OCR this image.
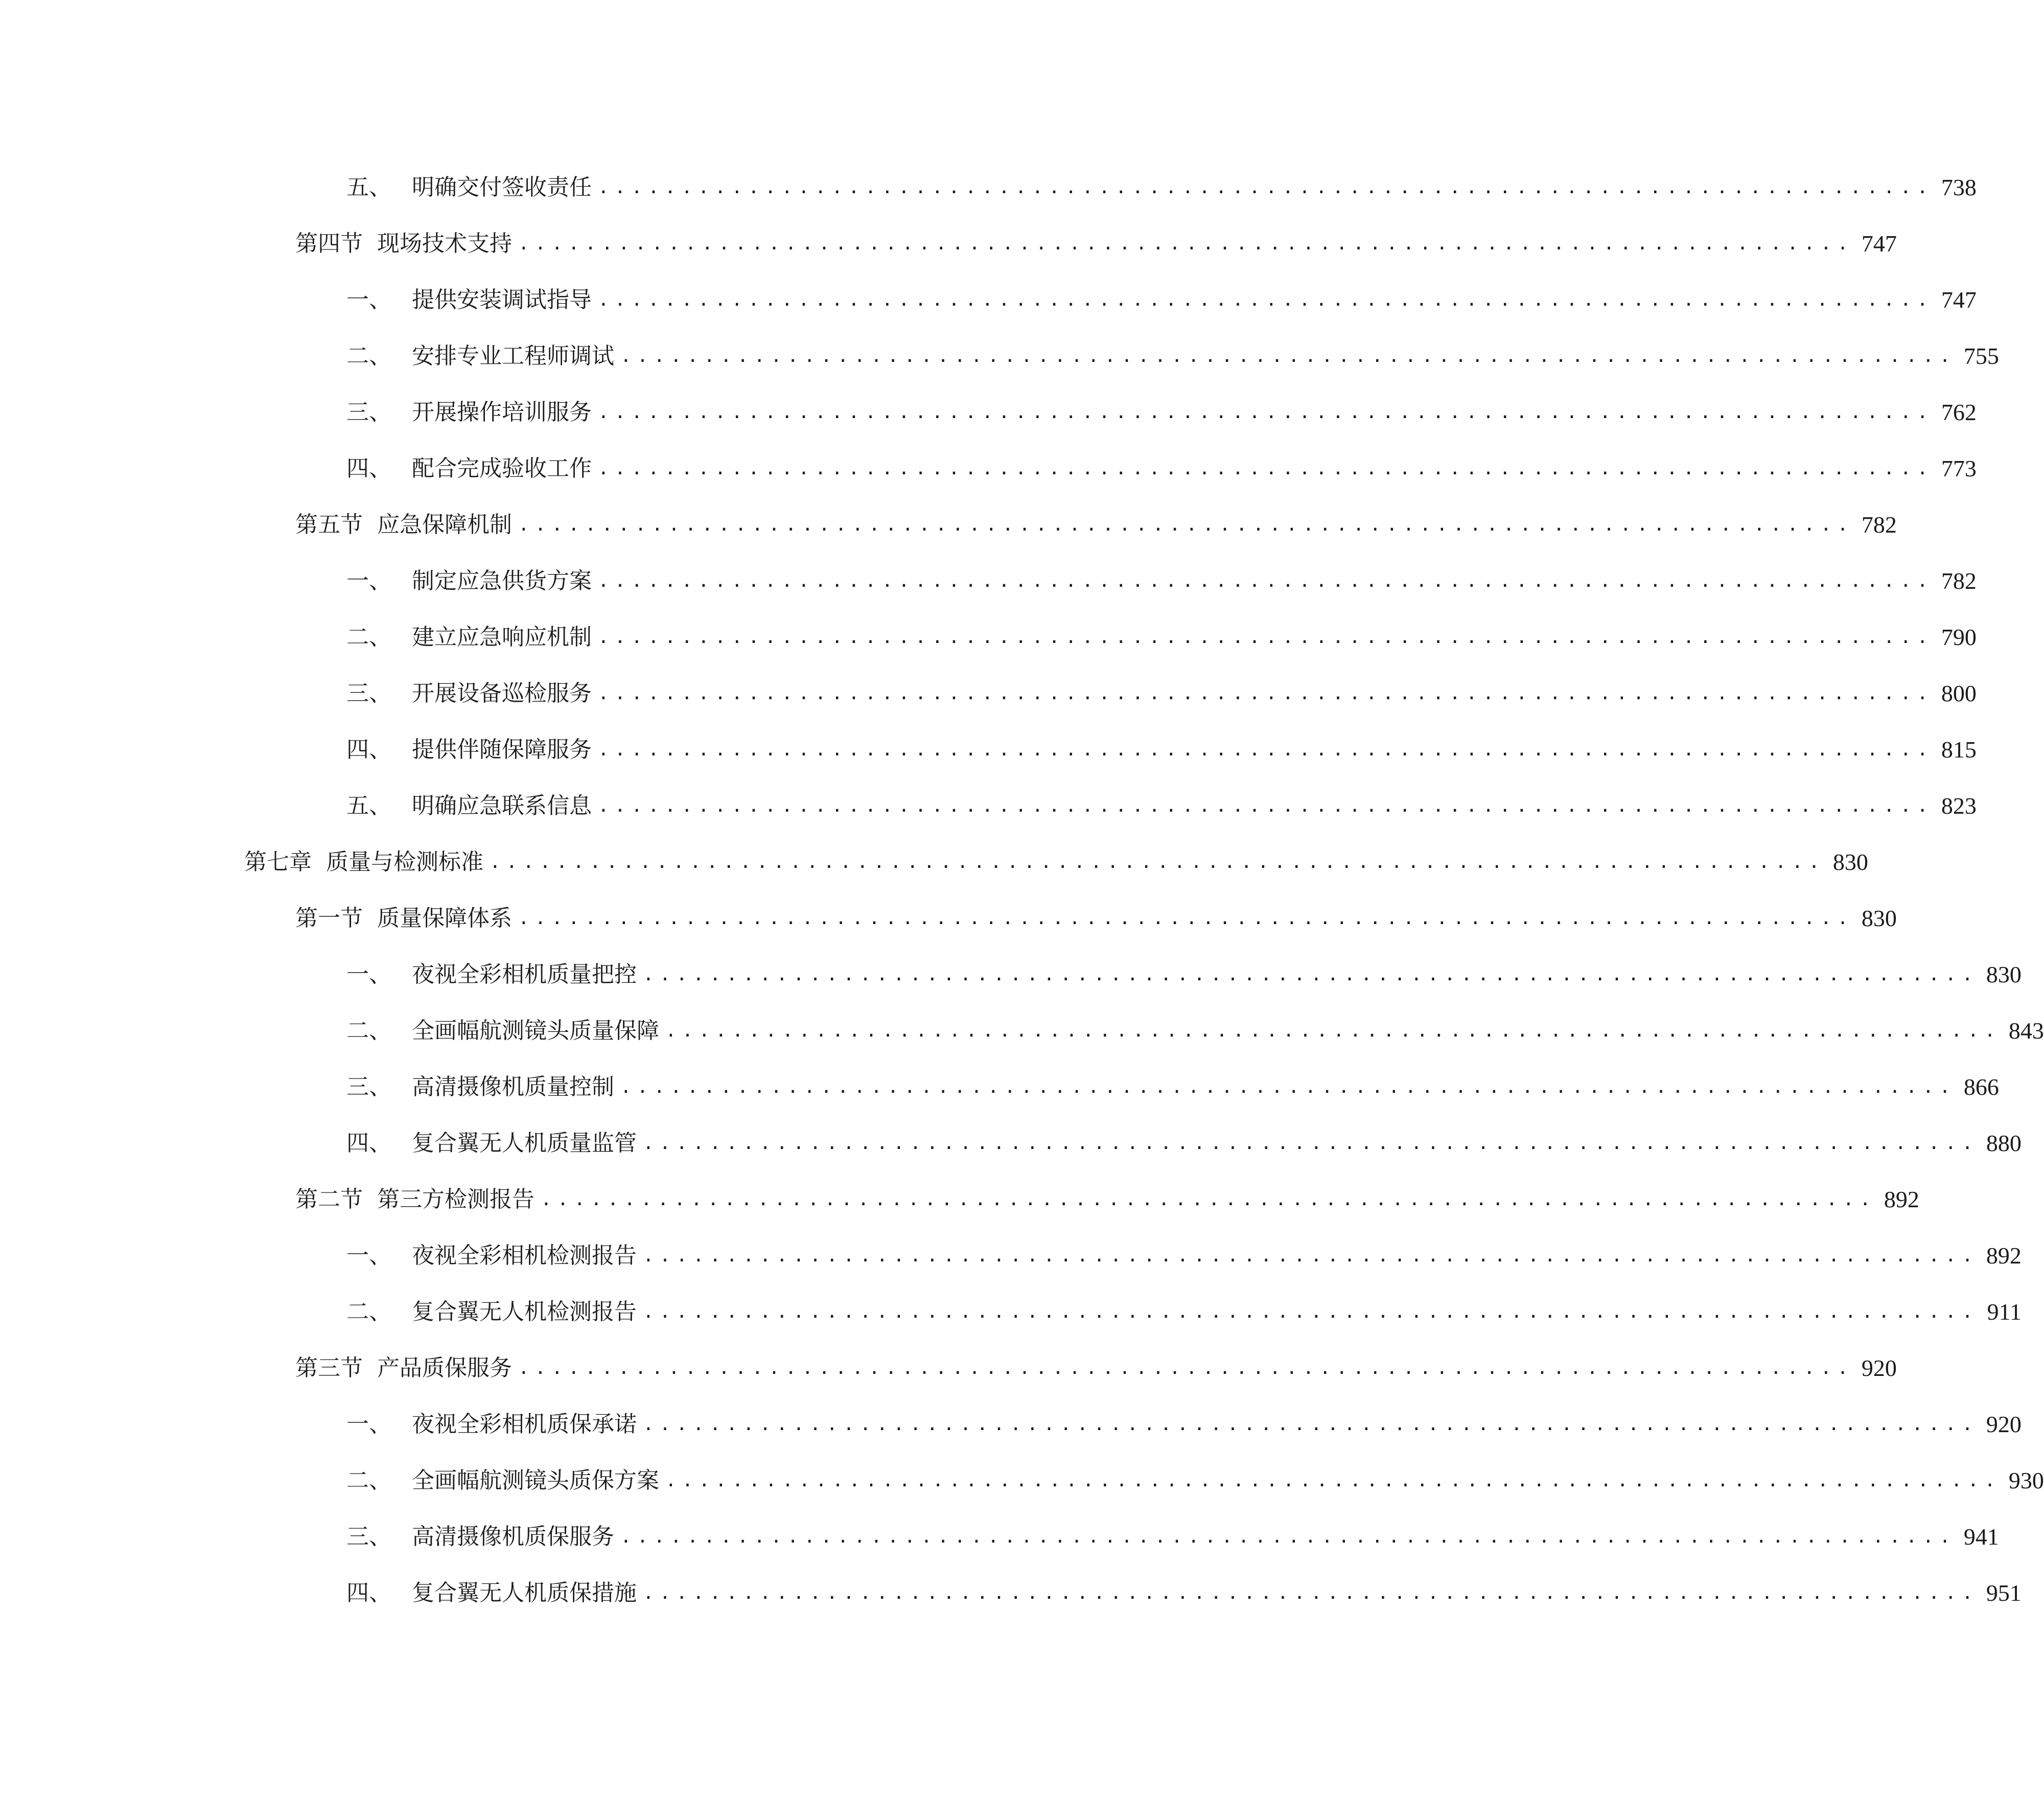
五、 明确交付签收责任 ................................................................................ 738
第四节 现场技术支持 ................................................................................ 747
一、 提供安装调试指导 ................................................................................ 747
二、 安排专业工程师调试 ................................................................................ 755
三、 开展操作培训服务 ................................................................................ 762
四、 配合完成验收工作 ................................................................................ 773
第五节 应急保障机制 ................................................................................ 782
一、 制定应急供货方案 ................................................................................ 782
二、 建立应急响应机制 ................................................................................ 790
三、 开展设备巡检服务 ................................................................................ 800
四、 提供伴随保障服务 ................................................................................ 815
五、 明确应急联系信息 ................................................................................ 823
第七章 质量与检测标准 ................................................................................ 830
第一节 质量保障体系 ................................................................................ 830
一、 夜视全彩相机质量把控 ................................................................................ 830
二、 全画幅航测镜头质量保障 ................................................................................ 843
三、 高清摄像机质量控制 ................................................................................ 866
四、 复合翼无人机质量监管 ................................................................................ 880
第二节 第三方检测报告 ................................................................................ 892
一、 夜视全彩相机检测报告 ................................................................................ 892
二、 复合翼无人机检测报告 ................................................................................ 911
第三节 产品质保服务 ................................................................................ 920
一、 夜视全彩相机质保承诺 ................................................................................ 920
二、 全画幅航测镜头质保方案 ................................................................................ 930
三、 高清摄像机质保服务 ................................................................................ 941
四、 复合翼无人机质保措施 ................................................................................ 951
